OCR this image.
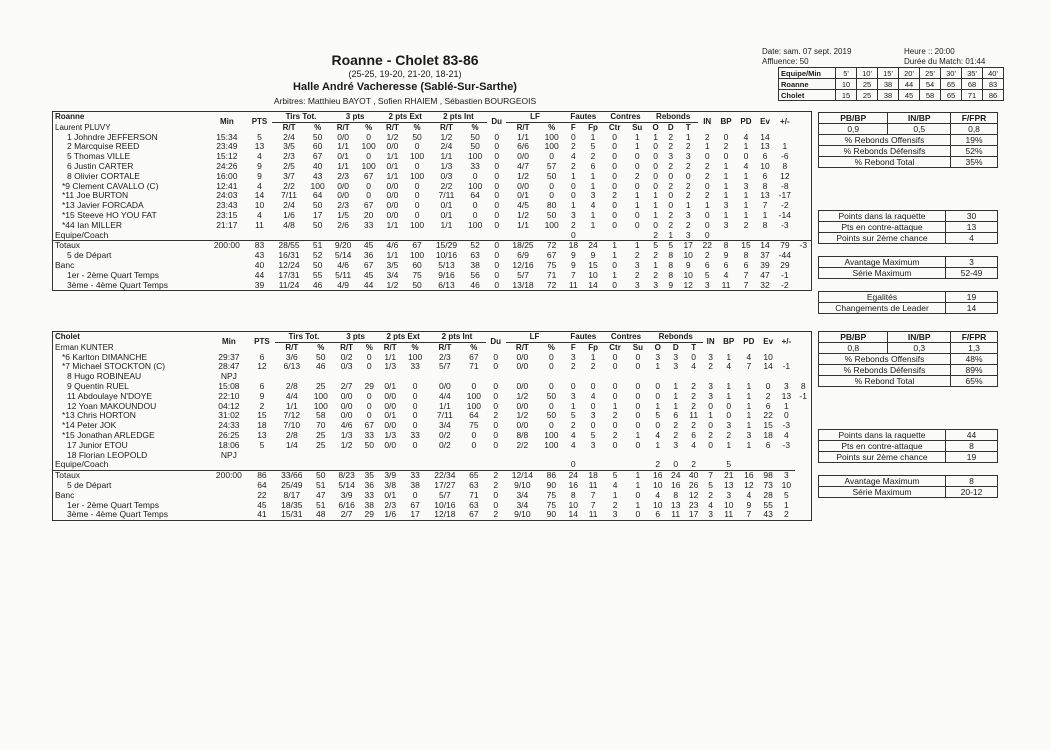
Roanne - Cholet 83-86
(25-25, 19-20, 21-20, 18-21)
Halle André Vacheresse (Sablé-Sur-Sarthe)
Arbitres: Matthieu BAYOT , Sofien RHAIEM , Sébastien BOURGEOIS
Date: sam. 07 sept. 2019	Heure :: 20:00
Affluence: 50	Durée du Match: 01:44
Equipe/Min	5'	10'	15'	20'	25'	30'	35'	40'
Roanne	10	25	38	44	54	65	68	83
Cholet	15	25	38	45	58	65	71	86
Roanne	Min	PTS	Tirs Tot.		3 pts		2 pts Ext		2 pts Int		Du	LF		Fautes		Contres		Rebonds			IN	BP	PD	Ev	+/-	
Laurent PLUVY			R/T	%	R/T	%	R/T	%	R/T	%		R/T	%	F	Fp	Ctr	Su	O	D	T						
1 Johndre JEFFERSON	15:34	5	2/4	50	0/0	0	1/2	50	1/2	50	0	1/1	100	0	1	0	1	1	2	1	2	0	4	14		
2 Marcquise REED	23:49	13	3/5	60	1/1	100	0/0	0	2/4	50	0	6/6	100	2	5	0	1	0	2	2	1	2	1	13	1	
5 Thomas VILLE	15:12	4	2/3	67	0/1	0	1/1	100	1/1	100	0	0/0	0	4	2	0	0	0	3	3	0	0	0	6	-6	
6 Justin CARTER	24:26	9	2/5	40	1/1	100	0/1	0	1/3	33	0	4/7	57	2	6	0	0	0	2	2	2	1	4	10	8	
8 Olivier CORTALE	16:00	9	3/7	43	2/3	67	1/1	100	0/3	0	0	1/2	50	1	1	0	2	0	0	0	2	1	1	6	12	
*9 Clement CAVALLO (C)	12:41	4	2/2	100	0/0	0	0/0	0	2/2	100	0	0/0	0	0	1	0	0	0	2	2	0	1	3	8	-8	
*11 Joe BURTON	24:03	14	7/11	64	0/0	0	0/0	0	7/11	64	0	0/1	0	0	3	2	1	1	0	2	2	1	1	13	-17	
*13 Javier FORCADA	23:43	10	2/4	50	2/3	67	0/0	0	0/1	0	0	4/5	80	1	4	0	1	1	0	1	1	3	1	7	-2	
*15 Steeve HO YOU FAT	23:15	4	1/6	17	1/5	20	0/0	0	0/1	0	0	1/2	50	3	1	0	0	1	2	3	0	1	1	1	-14	
*44 Ian MILLER	21:17	11	4/8	50	2/6	33	1/1	100	1/1	100	0	1/1	100	2	1	0	0	0	2	2	0	3	2	8	-3	
Equipe/Coach														0				2	1	3	0					
Totaux	200:00	83	28/55	51	9/20	45	4/6	67	15/29	52	0	18/25	72	18	24	1	1	5	5	17	22	8	15	14	79	-3
5 de Départ		43	16/31	52	5/14	36	1/1	100	10/16	63	0	6/9	67	9	9	1	2	2	8	10	2	9	8	37	-44	
Banc		40	12/24	50	4/6	67	3/5	60	5/13	38	0	12/16	75	9	15	0	3	1	8	9	6	6	6	39	29	
1er - 2ème Quart Temps		44	17/31	55	5/11	45	3/4	75	9/16	56	0	5/7	71	7	10	1	2	2	8	10	5	4	7	47	-1	
3ème - 4ème Quart Temps		39	11/24	46	4/9	44	1/2	50	6/13	46	0	13/18	72	11	14	0	3	3	9	12	3	11	7	32	-2	
Cholet	Min	PTS	Tirs Tot.		3 pts		2 pts Ext		2 pts Int		Du	LF		Fautes		Contres		Rebonds			IN	BP	PD	Ev	+/-	
Erman KUNTER			R/T	%	R/T	%	R/T	%	R/T	%		R/T	%	F	Fp	Ctr	Su	O	D	T						
*6 Karlton DIMANCHE	29:37	6	3/6	50	0/2	0	1/1	100	2/3	67	0	0/0	0	3	1	0	0	3	3	0	3	1	4	10		
*7 Michael STOCKTON (C)	28:47	12	6/13	46	0/3	0	1/3	33	5/7	71	0	0/0	0	2	2	0	0	1	3	4	2	4	7	14	-1	
8 Hugo ROBINEAU	NPJ																									
9 Quentin RUEL	15:08	6	2/8	25	2/7	29	0/1	0	0/0	0	0	0/0	0	0	0	0	0	0	1	2	3	1	1	0	3	8
11 Abdoulaye N'DOYE	22:10	9	4/4	100	0/0	0	0/0	0	4/4	100	0	1/2	50	3	4	0	0	0	1	2	3	1	1	2	13	-1
12 Yoan MAKOUNDOU	04:12	2	1/1	100	0/0	0	0/0	0	1/1	100	0	0/0	0	1	0	1	0	1	1	2	0	0	1	6	1	
*13 Chris HORTON	31:02	15	7/12	58	0/0	0	0/1	0	7/11	64	2	1/2	50	5	3	2	0	5	6	11	1	0	1	22	0	
*14 Peter JOK	24:33	18	7/10	70	4/6	67	0/0	0	3/4	75	0	0/0	0	2	0	0	0	0	2	2	0	3	1	15	-3	
*15 Jonathan ARLEDGE	26:25	13	2/8	25	1/3	33	1/3	33	0/2	0	0	8/8	100	4	5	2	1	4	2	6	2	2	3	18	4	
17 Junior ETOU	18:06	5	1/4	25	1/2	50	0/0	0	0/2	0	0	2/2	100	4	3	0	0	1	3	4	0	1	1	6	-3	
18 Florian LEOPOLD	NPJ																									
Equipe/Coach														0				2	0	2		5				
Totaux	200:00	86	33/66	50	8/23	35	3/9	33	22/34	65	2	12/14	86	24	18	5	1	16	24	40	7	21	16	98	3	
5 de Départ		64	25/49	51	5/14	36	3/8	38	17/27	63	2	9/10	90	16	11	4	1	10	16	26	5	13	12	73	10	
Banc		22	8/17	47	3/9	33	0/1	0	5/7	71	0	3/4	75	8	7	1	0	4	8	12	2	3	4	28	5	
1er - 2ème Quart Temps		45	18/35	51	6/16	38	2/3	67	10/16	63	0	3/4	75	10	7	2	1	10	13	23	4	10	9	55	1	
3ème - 4ème Quart Temps		41	15/31	48	2/7	29	1/6	17	12/18	67	2	9/10	90	14	11	3	0	6	11	17	3	11	7	43	2	
PB/BP	IN/BP	F/FPR
0,9	0,5	0,8
% Rebonds Offensifs		19%
% Rebonds Défensifs		52%
% Rebond Total		35%
Points dans la raquette	30
Pts en contre-attaque	13
Points sur 2ème chance	4
Avantage Maximum	3
Série Maximum	52-49
Egalités	19
Changements de Leader	14
PB/BP	IN/BP	F/FPR
0,8	0,3	1,3
% Rebonds Offensifs		48%
% Rebonds Défensifs		89%
% Rebond Total		65%
Points dans la raquette	44
Pts en contre-attaque	8
Points sur 2ème chance	19
Avantage Maximum	8
Série Maximum	20-12
